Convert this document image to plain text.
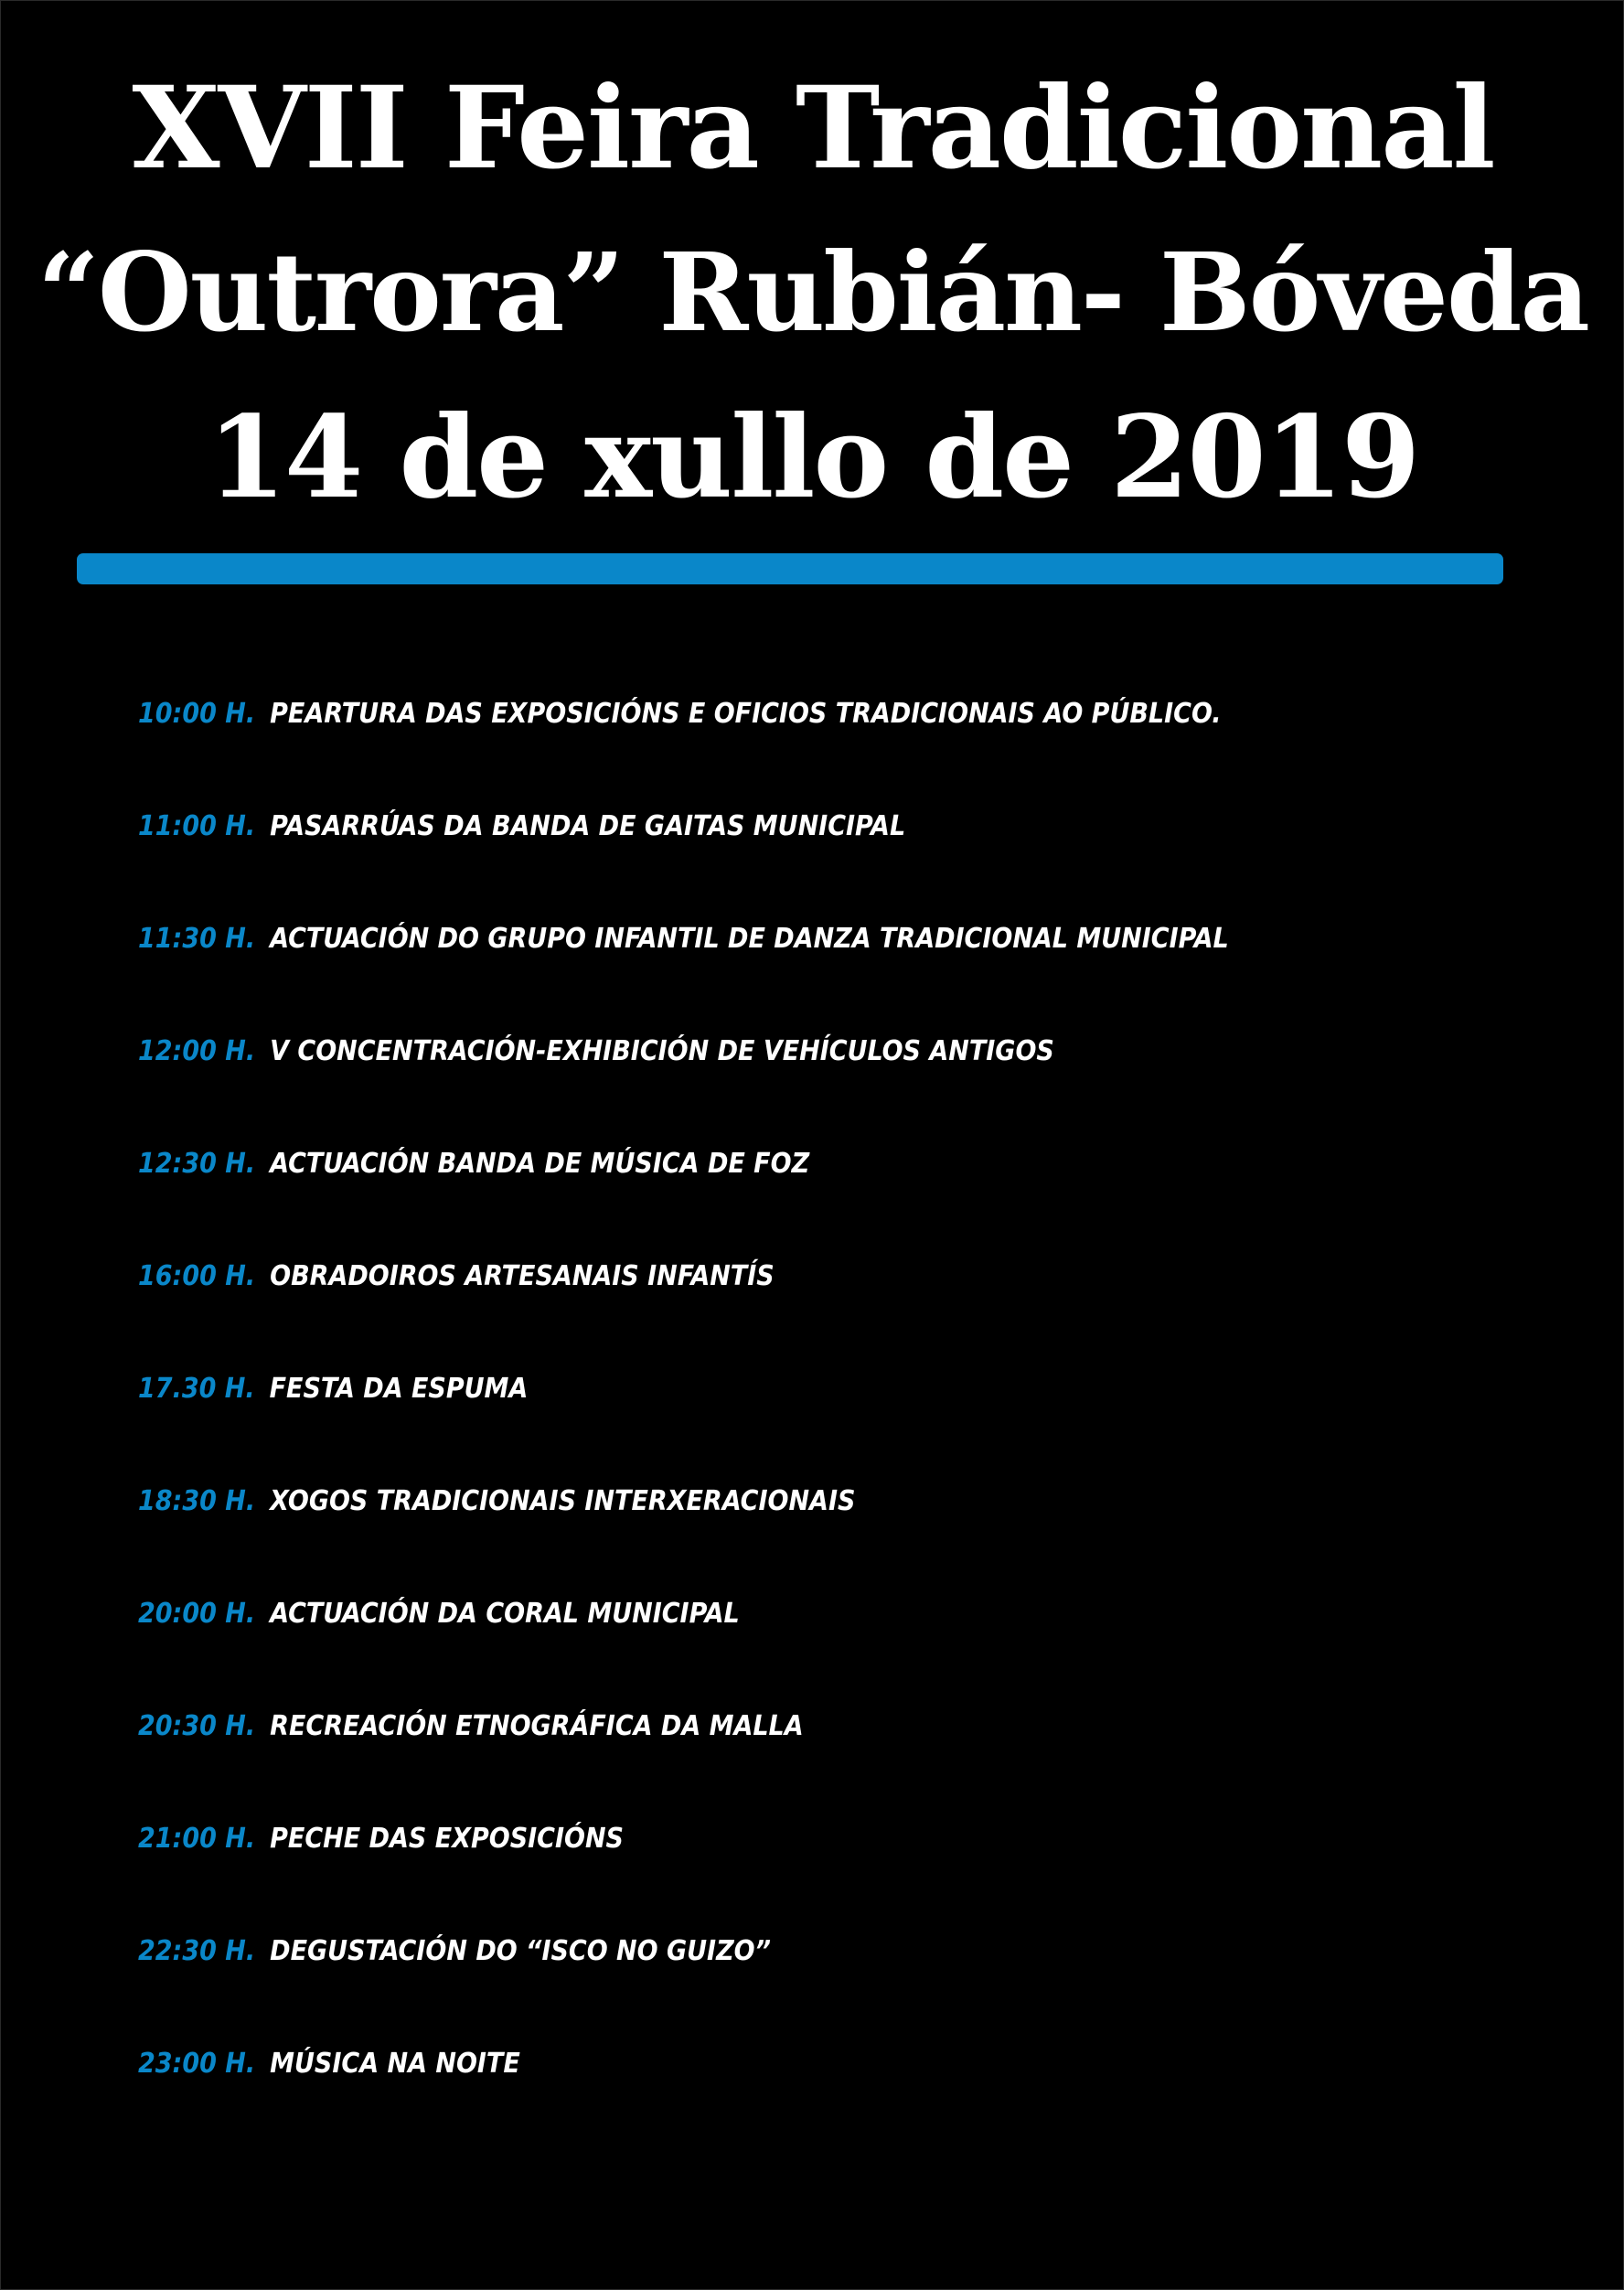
XVII Feira Tradicional
“Outrora” Rubián- Bóveda
14 de xullo de 2019
10:00 H. PEARTURA DAS EXPOSICIÓNS E OFICIOS TRADICIONAIS AO PÚBLICO.
11:00 H. PASARRÚAS DA BANDA DE GAITAS MUNICIPAL
11:30 H. ACTUACIÓN DO GRUPO INFANTIL DE DANZA TRADICIONAL MUNICIPAL
12:00 H. V CONCENTRACIÓN-EXHIBICIÓN DE VEHÍCULOS ANTIGOS
12:30 H. ACTUACIÓN BANDA DE MÚSICA DE FOZ
16:00 H. OBRADOIROS ARTESANAIS INFANTÍS
17.30 H. FESTA DA ESPUMA
18:30 H. XOGOS TRADICIONAIS INTERXERACIONAIS
20:00 H. ACTUACIÓN DA CORAL MUNICIPAL
20:30 H. RECREACIÓN ETNOGRÁFICA DA MALLA
21:00 H. PECHE DAS EXPOSICIÓNS
22:30 H. DEGUSTACIÓN DO “ISCO NO GUIZO”
23:00 H. MÚSICA NA NOITE
